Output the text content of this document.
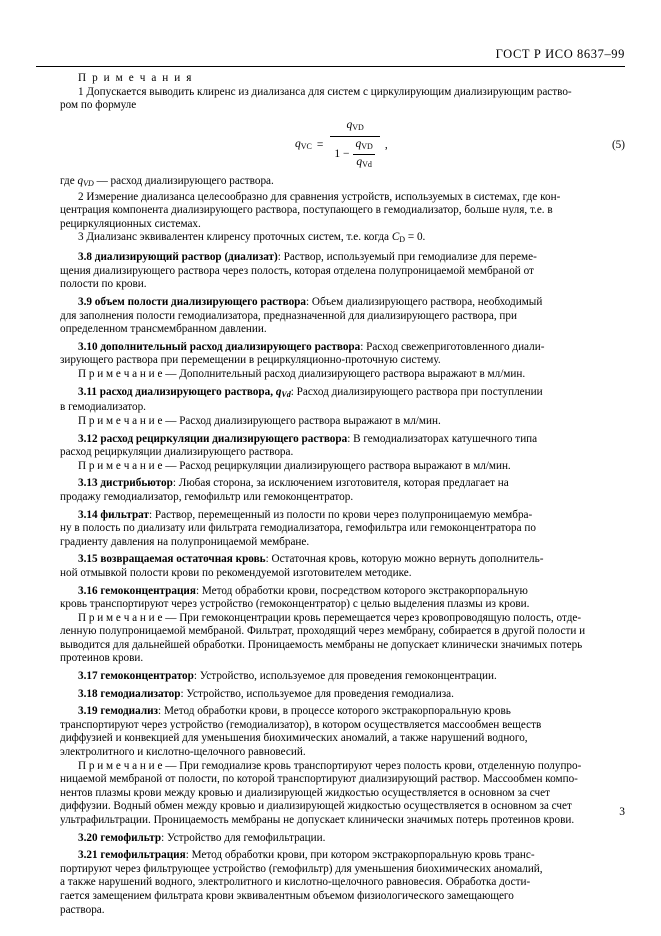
ГОСТ Р ИСО 8637–99

П р и м е ч а н и я

1 Допускается выводить клиренс из диализанса для систем с циркулирующим диализирующим раство-

ром по формуле

$q_{VC} = \frac{q_{VD}}{1 - \frac{q_{VD}}{q_{Vd}}}$ ,	(5)

где $q_{VD}$ — расход диализирующего раствора.

2 Измерение диализанса целесообразно для сравнения устройств, используемых в системах, где кон-

центрация компонента диализирующего раствора, поступающего в гемодиализатор, больше нуля, т.е. в

рециркуляционных системах.

3 Диализанс эквивалентен клиренсу проточных систем, т.е. когда $C_D = 0$.

3.8 диализирующий раствор (диализат): Раствор, используемый при гемодиализе для переме-

щения диализирующего раствора через полость, которая отделена полупроницаемой мембраной от

полости по крови.

3.9 объем полости диализирующего раствора: Объем диализирующего раствора, необходимый

для заполнения полости гемодиализатора, предназначенной для диализирующего раствора, при

определенном трансмембранном давлении.

3.10 дополнительный расход диализирующего раствора: Расход свежеприготовленного диали-

зирующего раствора при перемещении в рециркуляционно-проточную систему.

П р и м е ч а н и е — Дополнительный расход диализирующего раствора выражают в мл/мин.

3.11 расход диализирующего раствора, $q_{Vd}$: Расход диализирующего раствора при поступлении

в гемодиализатор.

П р и м е ч а н и е — Расход диализирующего раствора выражают в мл/мин.

3.12 расход рециркуляции диализирующего раствора: В гемодиализаторах катушечного типа

расход рециркуляции диализирующего раствора.

П р и м е ч а н и е — Расход рециркуляции диализирующего раствора выражают в мл/мин.

3.13 дистрибьютор: Любая сторона, за исключением изготовителя, которая предлагает на

продажу гемодиализатор, гемофильтр или гемоконцентратор.

3.14 фильтрат: Раствор, перемещенный из полости по крови через полупроницаемую мембра-

ну в полость по диализату или фильтрата гемодиализатора, гемофильтра или гемоконцентратора по

градиенту давления на полупроницаемой мембране.

3.15 возвращаемая остаточная кровь: Остаточная кровь, которую можно вернуть дополнитель-

ной отмывкой полости крови по рекомендуемой изготовителем методике.

3.16 гемоконцентрация: Метод обработки крови, посредством которого экстракорпоральную

кровь транспортируют через устройство (гемоконцентратор) с целью выделения плазмы из крови.

П р и м е ч а н и е — При гемоконцентрации кровь перемещается через кровопроводящую полость, отде-

ленную полупроницаемой мембраной. Фильтрат, проходящий через мембрану, собирается в другой полости и

выводится для дальнейшей обработки. Проницаемость мембраны не допускает клинически значимых потерь

протеинов крови.

3.17 гемоконцентратор: Устройство, используемое для проведения гемоконцентрации.

3.18 гемодиализатор: Устройство, используемое для проведения гемодиализа.

3.19 гемодиализ: Метод обработки крови, в процессе которого экстракорпоральную кровь

транспортируют через устройство (гемодиализатор), в котором осуществляется массообмен веществ

диффузией и конвекцией для уменьшения биохимических аномалий, а также нарушений водного,

электролитного и кислотно-щелочного равновесий.

П р и м е ч а н и е — При гемодиализе кровь транспортируют через полость крови, отделенную полупро-

ницаемой мембраной от полости, по которой транспортируют диализирующий раствор. Массообмен компо-

нентов плазмы крови между кровью и диализирующей жидкостью осуществляется в основном за счет

диффузии. Водный обмен между кровью и диализирующей жидкостью осуществляется в основном за счет

ультрафильтрации. Проницаемость мембраны не допускает клинически значимых потерь протеинов крови.

3.20 гемофильтр: Устройство для гемофильтрации.

3.21 гемофильтрация: Метод обработки крови, при котором экстракорпоральную кровь транс-

портируют через фильтрующее устройство (гемофильтр) для уменьшения биохимических аномалий,

а также нарушений водного, электролитного и кислотно-щелочного равновесия. Обработка дости-

гается замещением фильтрата крови эквивалентным объемом физиологического замещающего

раствора.

3
